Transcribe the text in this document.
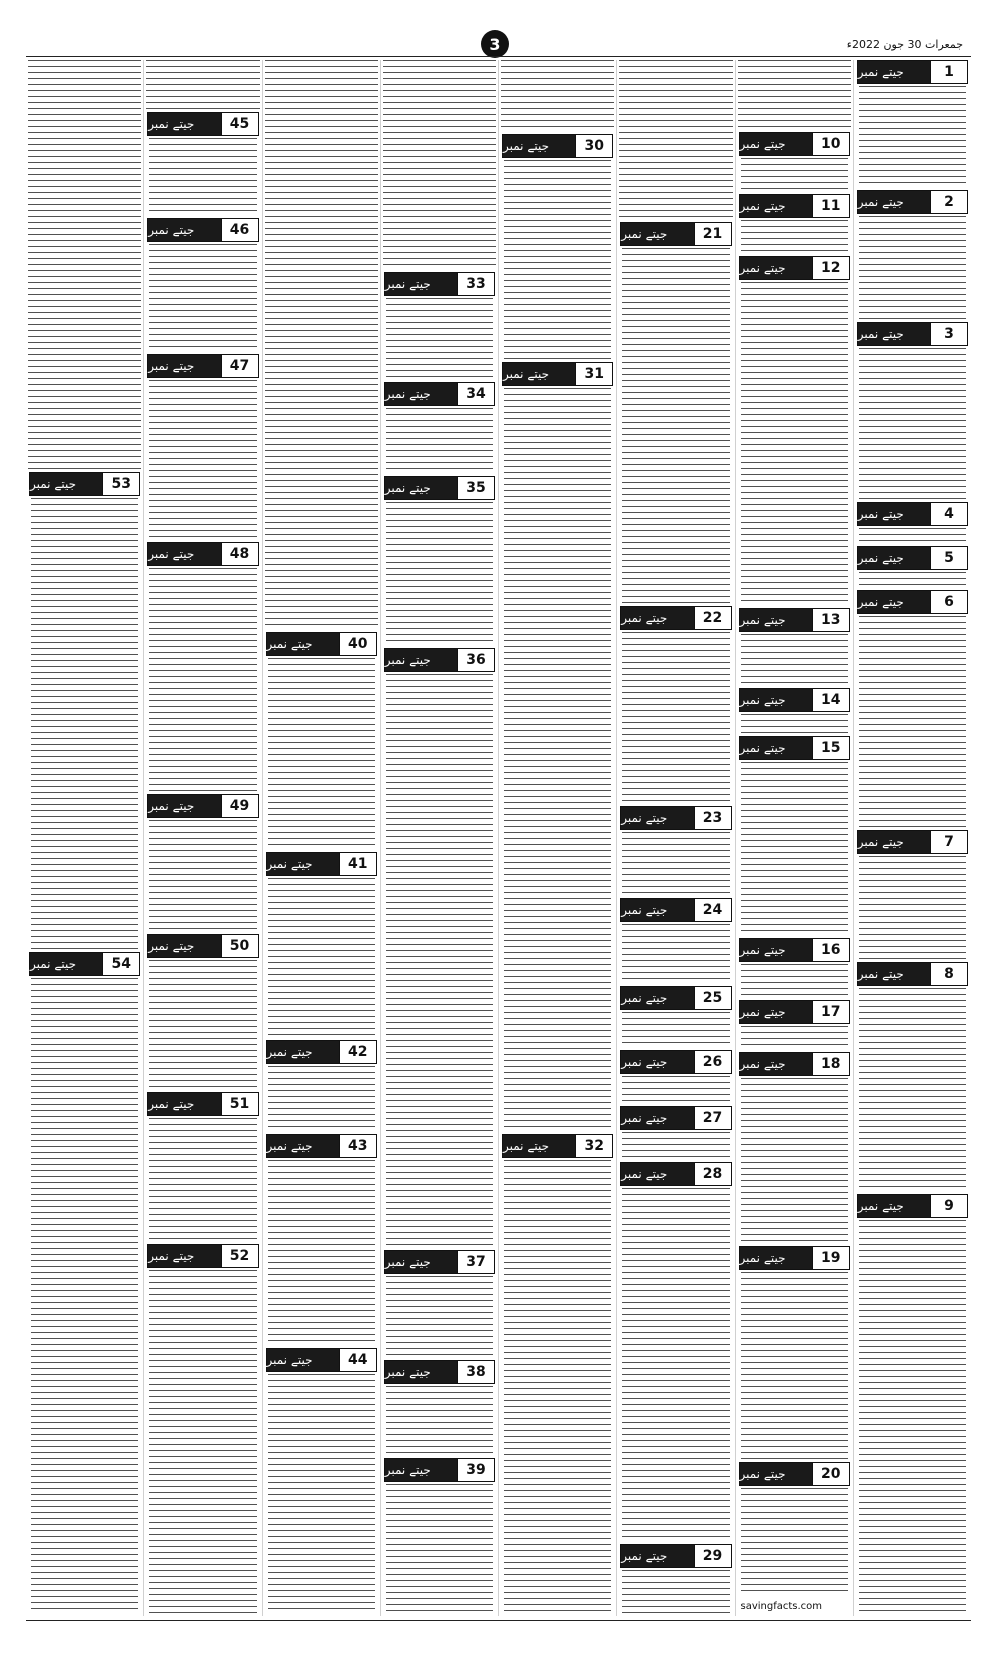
3	جمعرات 30 جون 2022ء
1
جیتے نمبر
2
جیتے نمبر
3
جیتے نمبر
4
جیتے نمبر
5
جیتے نمبر
6
جیتے نمبر
7
جیتے نمبر
8
جیتے نمبر
9
جیتے نمبر
10
جیتے نمبر
11
جیتے نمبر
12
جیتے نمبر
13
جیتے نمبر
14
جیتے نمبر
15
جیتے نمبر
16
جیتے نمبر
17
جیتے نمبر
18
جیتے نمبر
19
جیتے نمبر
20
جیتے نمبر
savingfacts.com
21
جیتے نمبر
22
جیتے نمبر
23
جیتے نمبر
24
جیتے نمبر
25
جیتے نمبر
26
جیتے نمبر
27
جیتے نمبر
28
جیتے نمبر
29
جیتے نمبر
30
جیتے نمبر
31
جیتے نمبر
32
جیتے نمبر
33
جیتے نمبر
34
جیتے نمبر
35
جیتے نمبر
36
جیتے نمبر
37
جیتے نمبر
38
جیتے نمبر
39
جیتے نمبر
40
جیتے نمبر
41
جیتے نمبر
42
جیتے نمبر
43
جیتے نمبر
44
جیتے نمبر
45
جیتے نمبر
46
جیتے نمبر
47
جیتے نمبر
48
جیتے نمبر
49
جیتے نمبر
50
جیتے نمبر
51
جیتے نمبر
52
جیتے نمبر
53
جیتے نمبر
54
جیتے نمبر
